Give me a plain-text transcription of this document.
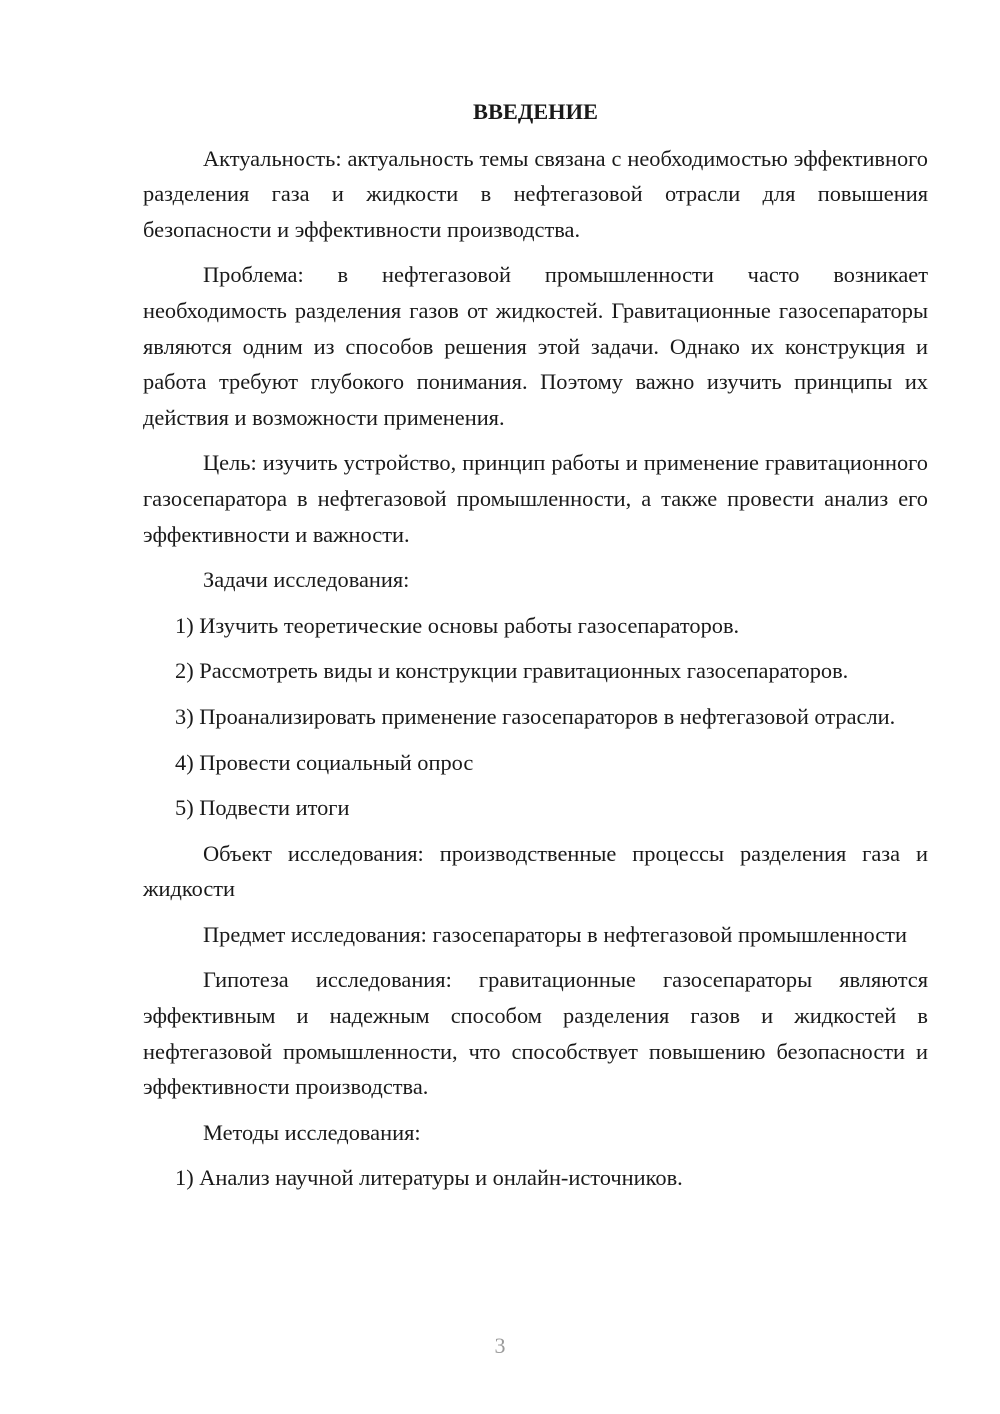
ВВЕДЕНИЕ

Актуальность: актуальность темы связана с необходимостью эффективного разделения газа и жидкости в нефтегазовой отрасли для повышения безопасности и эффективности производства.

Проблема: в нефтегазовой промышленности часто возникает необходимость разделения газов от жидкостей. Гравитационные газосепараторы являются одним из способов решения этой задачи. Однако их конструкция и работа требуют глубокого понимания. Поэтому важно изучить принципы их действия и возможности применения.

Цель: изучить устройство, принцип работы и применение гравитационного газосепаратора в нефтегазовой промышленности, а также провести анализ его эффективности и важности.

Задачи исследования:

1) Изучить теоретические основы работы газосепараторов.

2) Рассмотреть виды и конструкции гравитационных газосепараторов.

3) Проанализировать применение газосепараторов в нефтегазовой отрасли.

4) Провести социальный опрос

5) Подвести итоги

Объект исследования: производственные процессы разделения газа и жидкости

Предмет исследования: газосепараторы в нефтегазовой промышленности

Гипотеза исследования: гравитационные газосепараторы являются эффективным и надежным способом разделения газов и жидкостей в нефтегазовой промышленности, что способствует повышению безопасности и эффективности производства.

Методы исследования:

1) Анализ научной литературы и онлайн-источников.

3
